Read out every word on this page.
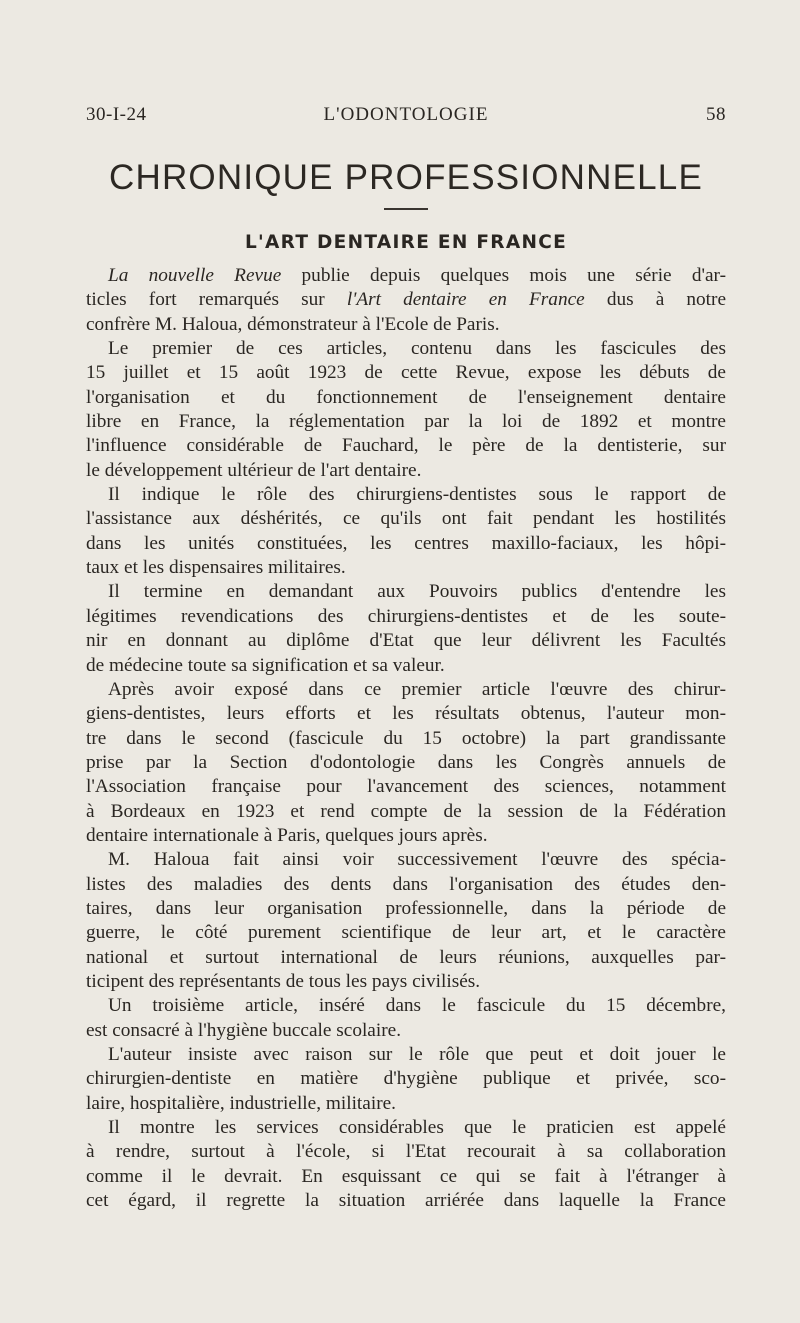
30-I-24	L'ODONTOLOGIE	58
CHRONIQUE PROFESSIONNELLE
L'ART DENTAIRE EN FRANCE
La nouvelle Revue publie depuis quelques mois une série d'ar-
ticles fort remarqués sur l'Art dentaire en France dus à notre
confrère M. Haloua, démonstrateur à l'Ecole de Paris.
Le premier de ces articles, contenu dans les fascicules des
15 juillet et 15 août 1923 de cette Revue, expose les débuts de
l'organisation et du fonctionnement de l'enseignement dentaire
libre en France, la réglementation par la loi de 1892 et montre
l'influence considérable de Fauchard, le père de la dentisterie, sur
le développement ultérieur de l'art dentaire.
Il indique le rôle des chirurgiens-dentistes sous le rapport de
l'assistance aux déshérités, ce qu'ils ont fait pendant les hostilités
dans les unités constituées, les centres maxillo-faciaux, les hôpi-
taux et les dispensaires militaires.
Il termine en demandant aux Pouvoirs publics d'entendre les
légitimes revendications des chirurgiens-dentistes et de les soute-
nir en donnant au diplôme d'Etat que leur délivrent les Facultés
de médecine toute sa signification et sa valeur.
Après avoir exposé dans ce premier article l'œuvre des chirur-
giens-dentistes, leurs efforts et les résultats obtenus, l'auteur mon-
tre dans le second (fascicule du 15 octobre) la part grandissante
prise par la Section d'odontologie dans les Congrès annuels de
l'Association française pour l'avancement des sciences, notamment
à Bordeaux en 1923 et rend compte de la session de la Fédération
dentaire internationale à Paris, quelques jours après.
M. Haloua fait ainsi voir successivement l'œuvre des spécia-
listes des maladies des dents dans l'organisation des études den-
taires, dans leur organisation professionnelle, dans la période de
guerre, le côté purement scientifique de leur art, et le caractère
national et surtout international de leurs réunions, auxquelles par-
ticipent des représentants de tous les pays civilisés.
Un troisième article, inséré dans le fascicule du 15 décembre,
est consacré à l'hygiène buccale scolaire.
L'auteur insiste avec raison sur le rôle que peut et doit jouer le
chirurgien-dentiste en matière d'hygiène publique et privée, sco-
laire, hospitalière, industrielle, militaire.
Il montre les services considérables que le praticien est appelé
à rendre, surtout à l'école, si l'Etat recourait à sa collaboration
comme il le devrait. En esquissant ce qui se fait à l'étranger à
cet égard, il regrette la situation arriérée dans laquelle la France
